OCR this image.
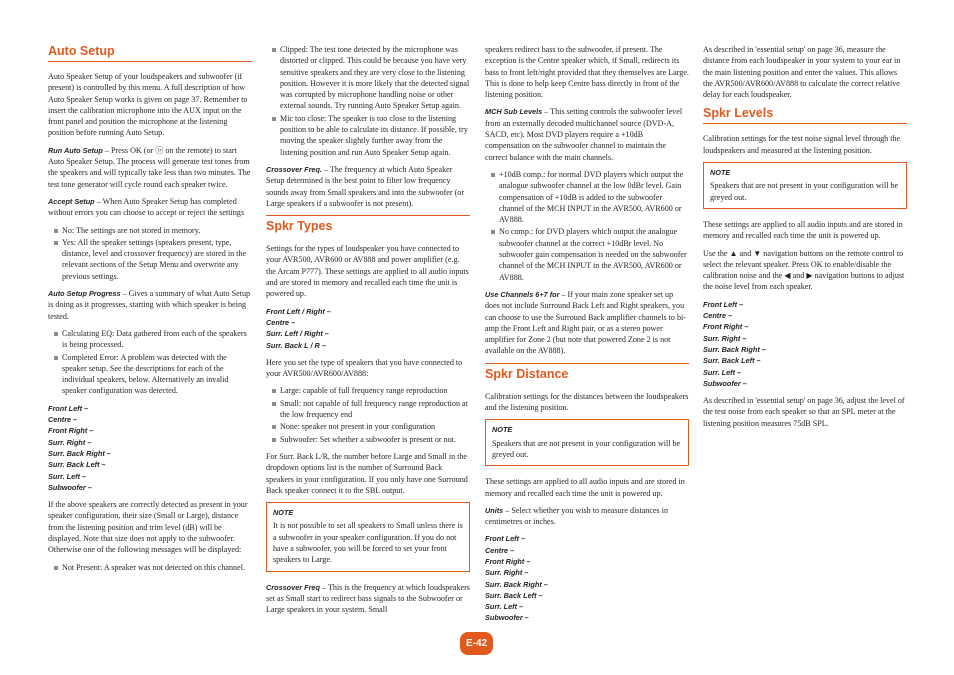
Auto Setup

Auto Speaker Setup of your loudspeakers and subwoofer (if present) is controlled by this menu. A full description of how Auto Speaker Setup works is given on page 37. Remember to insert the calibration microphone into the AUX input on the front panel and position the microphone at the listening position before running Auto Setup.

Run Auto Setup – Press OK (or ⓞ on the remote) to start Auto Speaker Setup. The process will generate test tones from the speakers and will typically take less than two minutes. The test tone generator will cycle round each speaker twice.

Accept Setup – When Auto Speaker Setup has completed without errors you can choose to accept or reject the settings

No: The settings are not stored in memory.
Yes: All the speaker settings (speakers present, type, distance, level and crossover frequency) are stored in the relevant sections of the Setup Menu and overwrite any previous settings.

Auto Setup Progress – Gives a summary of what Auto Setup is doing as it progresses, starting with which speaker is being tested.

Calculating EQ: Data gathered from each of the speakers is being processed.
Completed Error: A problem was detected with the speaker setup. See the descriptions for each of the individual speakers, below. Alternatively an invalid speaker configuration was detected.
Front Left –
Centre –
Front Right –
Surr. Right –
Surr. Back Right –
Surr. Back Left –
Surr. Left –
Subwoofer –

If the above speakers are correctly detected as present in your speaker configuration, their size (Small or Large), distance from the listening position and trim level (dB) will be displayed. Note that size does not apply to the subwoofer. Otherwise one of the following messages will be displayed:

Not Present: A speaker was not detected on this channel.
Clipped: The test tone detected by the microphone was distorted or clipped. This could be because you have very sensitive speakers and they are very close to the listening position. However it is more likely that the detected signal was corrupted by microphone handling noise or other external sounds. Try running Auto Speaker Setup again.
Mic too close: The speaker is too close to the listening position to be able to calculate its distance. If possible, try moving the speaker slightly further away from the listening position and run Auto Speaker Setup again.

Crossover Freq. – The frequency at which Auto Speaker Setup determined is the best point to filter low frequency sounds away from Small speakers and into the subwoofer (or Large speakers if a subwoofer is not present).

Spkr Types

Settings for the types of loudspeaker you have connected to your AVR500, AVR600 or AV888 and power amplifier (e.g. the Arcam P777). These settings are applied to all audio inputs and are stored in memory and recalled each time the unit is powered up.

Front Left / Right –
Centre –
Surr. Left / Right –
Surr. Back L / R –

Here you set the type of speakers that you have connected to your AVR500/AVR600/AV888:

Large: capable of full frequency range reproduction
Small: not capable of full frequency range reproduction at the low frequency end
None: speaker not present in your configuration
Subwoofer: Set whether a subwoofer is present or not.

For Surr. Back L/R, the number before Large and Small in the dropdown options list is the number of Surround Back speakers in your configuration. If you only have one Surround Back speaker connect it to the SBL output.

NOTE
It is not possible to set all speakers to Small unless there is a subwoofer in your speaker configuration. If you do not have a subwoofer, you will be forced to set your front speakers to Large.

Crossover Freq – This is the frequency at which loudspeakers set as Small start to redirect bass signals to the Subwoofer or Large speakers in your system. Small

speakers redirect bass to the subwoofer, if present. The exception is the Centre speaker which, if Small, redirects its bass to front left/right provided that they themselves are Large. This is done to help keep Centre bass directly in front of the listening position.

MCH Sub Levels – This setting controls the subwoofer level from an externally decoded multichannel source (DVD-A, SACD, etc). Most DVD players require a +10dB compensation on the subwoofer channel to maintain the correct balance with the main channels.

+10dB comp.: for normal DVD players which output the analogue subwoofer channel at the low 0dBr level. Gain compensation of +10dB is added to the subwoofer channel of the MCH INPUT in the AVR500, AVR600 or AV888.
No comp.: for DVD players which output the analogue subwoofer channel at the correct +10dBr level. No subwoofer gain compensation is needed on the subwoofer channel of the MCH INPUT in the AVR500, AVR600 or AV888.

Use Channels 6+7 for – If your main zone speaker set up does not include Surround Back Left and Right speakers, you can choose to use the Surround Back amplifier channels to bi-amp the Front Left and Right pair, or as a stereo power amplifier for Zone 2 (but note that powered Zone 2 is not available on the AV888).

Spkr Distance

Calibration settings for the distances between the loudspeakers and the listening position.

NOTE
Speakers that are not present in your configuration will be greyed out.

These settings are applied to all audio inputs and are stored in memory and recalled each time the unit is powered up.

Units – Select whether you wish to measure distances in centimetres or inches.

Front Left –
Centre –
Front Right –
Surr. Right –
Surr. Back Right –
Surr. Back Left –
Surr. Left –
Subwoofer –

As described in 'essential setup' on page 36, measure the distance from each loudspeaker in your system to your ear in the main listening position and enter the values. This allows the AVR500/AVR600/AV888 to calculate the correct relative delay for each loudspeaker.

Spkr Levels

Calibration settings for the test noise signal level through the loudspeakers and measured at the listening position.

NOTE
Speakers that are not present in your configuration will be greyed out.

These settings are applied to all audio inputs and are stored in memory and recalled each time the unit is powered up.

Use the ▲ and ▼ navigation buttons on the remote control to select the relevant speaker. Press OK to enable/disable the calibration noise and the ◀ and ▶ navigation buttons to adjust the noise level from each speaker.

Front Left –
Centre –
Front Right –
Surr. Right –
Surr. Back Right –
Surr. Back Left –
Surr. Left –
Subwoofer –

As described in 'essential setup' on page 36, adjust the level of the test noise from each speaker so that an SPL meter at the listening position measures 75dB SPL.

E-42
